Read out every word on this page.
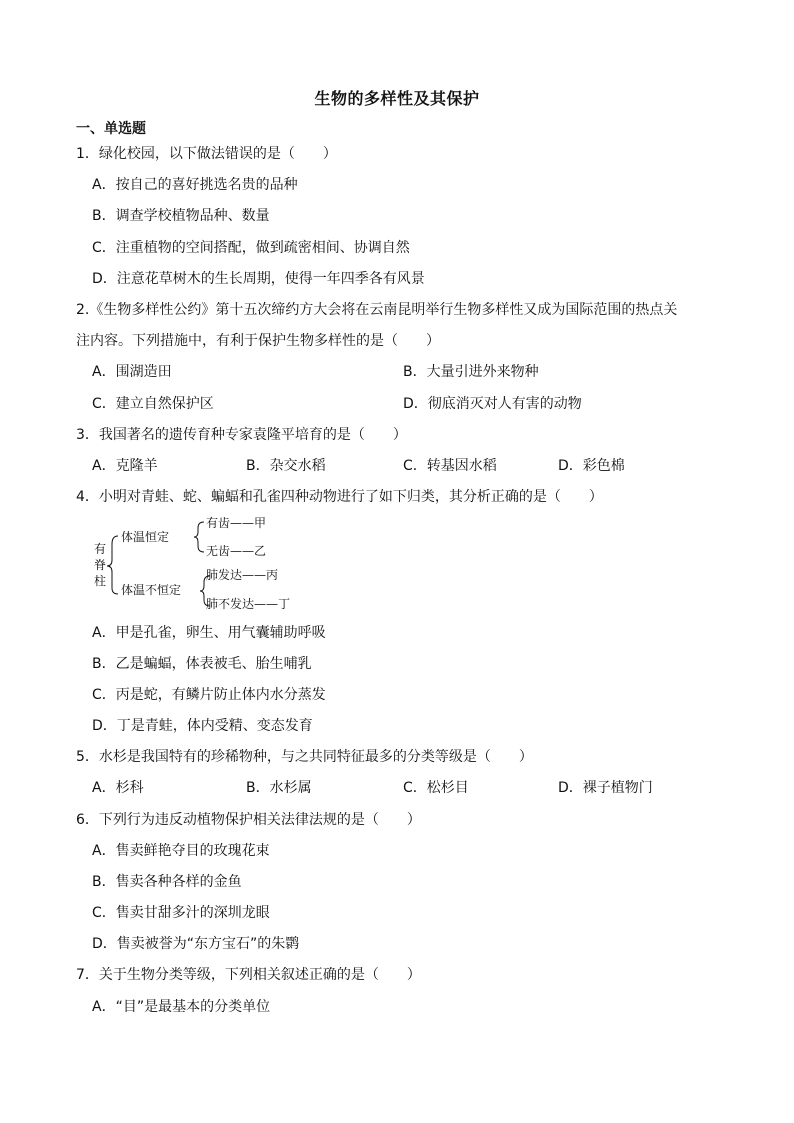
生物的多样性及其保护
一、单选题
1．绿化校园，以下做法错误的是（　　）
A．按自己的喜好挑选名贵的品种
B．调查学校植物品种、数量
C．注重植物的空间搭配，做到疏密相间、协调自然
D．注意花草树木的生长周期，使得一年四季各有风景
2.《生物多样性公约》第十五次缔约方大会将在云南昆明举行生物多样性又成为国际范围的热点关
注内容。下列措施中，有利于保护生物多样性的是（　　）
A．围湖造田	B．大量引进外来物种
C．建立自然保护区	D．彻底消灭对人有害的动物
3．我国著名的遗传育种专家袁隆平培育的是（　　）
A．克隆羊	B．杂交水稻	C．转基因水稻	D．彩色棉
4．小明对青蛙、蛇、蝙蝠和孔雀四种动物进行了如下归类，其分析正确的是（　　）
有
脊
柱
体温恒定
体温不恒定
有齿——甲
无齿——乙
肺发达——丙
肺不发达——丁
A．甲是孔雀，卵生、用气囊辅助呼吸
B．乙是蝙蝠，体表被毛、胎生哺乳
C．丙是蛇，有鳞片防止体内水分蒸发
D．丁是青蛙，体内受精、变态发育
5．水杉是我国特有的珍稀物种，与之共同特征最多的分类等级是（　　）
A．杉科	B．水杉属	C．松杉目	D．裸子植物门
6．下列行为违反动植物保护相关法律法规的是（　　）
A．售卖鲜艳夺目的玫瑰花束
B．售卖各种各样的金鱼
C．售卖甘甜多汁的深圳龙眼
D．售卖被誉为“东方宝石”的朱鹮
7．关于生物分类等级，下列相关叙述正确的是（　　）
A．“目”是最基本的分类单位
